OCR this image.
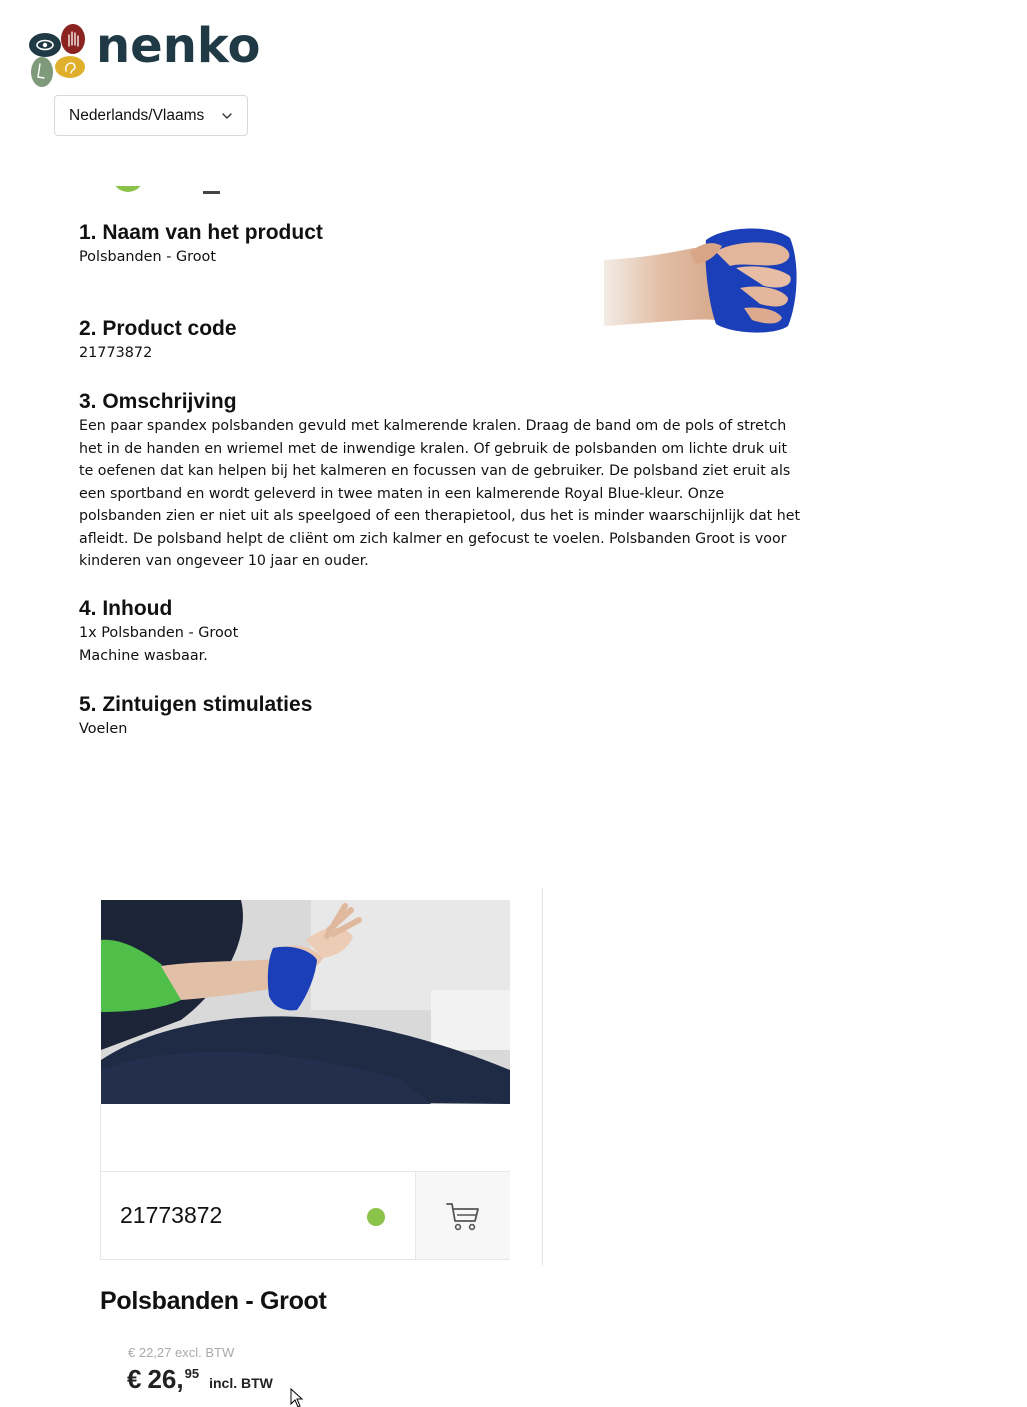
nenko
Nederlands/Vlaams
1. Naam van het product

Polsbanden - Groot

2. Product code

21773872

3. Omschrijving

Een paar spandex polsbanden gevuld met kalmerende kralen. Draag de band om de pols of stretch

het in de handen en wriemel met de inwendige kralen. Of gebruik de polsbanden om lichte druk uit

te oefenen dat kan helpen bij het kalmeren en focussen van de gebruiker. De polsband ziet eruit als

een sportband en wordt geleverd in twee maten in een kalmerende Royal Blue-kleur. Onze

polsbanden zien er niet uit als speelgoed of een therapietool, dus het is minder waarschijnlijk dat het

afleidt. De polsband helpt de cliënt om zich kalmer en gefocust te voelen. Polsbanden Groot is voor

kinderen van ongeveer 10 jaar en ouder.

4. Inhoud

1x Polsbanden - Groot

Machine wasbaar.

5. Zintuigen stimulaties

Voelen

21773872
Polsbanden - Groot
€ 22,27 excl. BTW
€ 26, 95
incl. BTW
